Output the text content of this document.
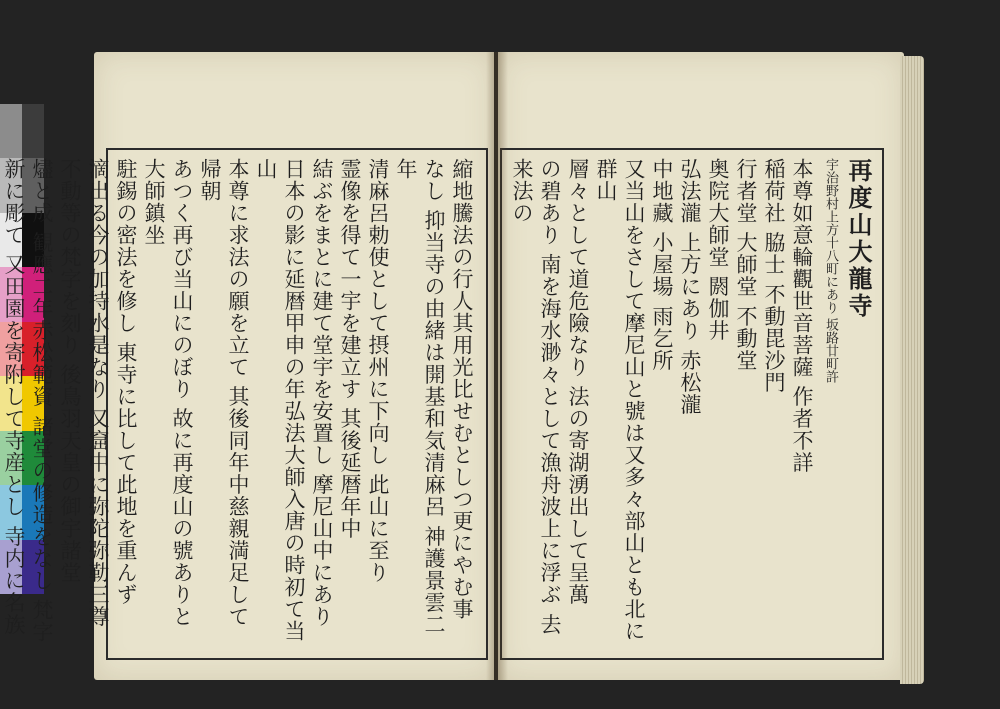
縮地騰法の行人其用光比せむとしつ更にやむ事

なし 抑当寺の由緒は開基和気清麻呂 神護景雲二年

清麻呂勅使として摂州に下向し 此山に至り

霊像を得て一宇を建立す 其後延暦年中

結ぶをまとに建て堂宇を安置し 摩尼山中にあり

日本の影に延暦甲申の年弘法大師入唐の時初て当山

本尊に求法の願を立て 其後同年中慈親満足して帰朝

あつく再び当山にのぼり 故に再度山の號ありと 大師鎮坐

駐錫の密法を修し 東寺に比して此地を重んず

滴出る今の加持水是なり 又窟中に弥陀弥勒三尊

不動等の梵字を刻り 後鳥羽天皇の御宇諸堂

燼と成 観應二年赤松範資 諸堂の修造をなし 梵字

新に彫て 又田園を寄附して寺産とし 寺内に名族

再度山大龍寺

宇治野村上方十八町にあり 坂路廿町許

本尊如意輪觀世音菩薩 作者不詳

稲荷社 脇士 不動毘沙門

行者堂 大師堂 不動堂

奥院大師堂 閼伽井

弘法瀧 上方にあり 赤松瀧

中地藏 小屋場 雨乞所

又当山をさして摩尼山と號は又多々部山とも北に群山

層々として道危險なり 法の寄湖湧出して呈萬

の碧あり 南を海水渺々として漁舟波上に浮ぶ 去来法の
